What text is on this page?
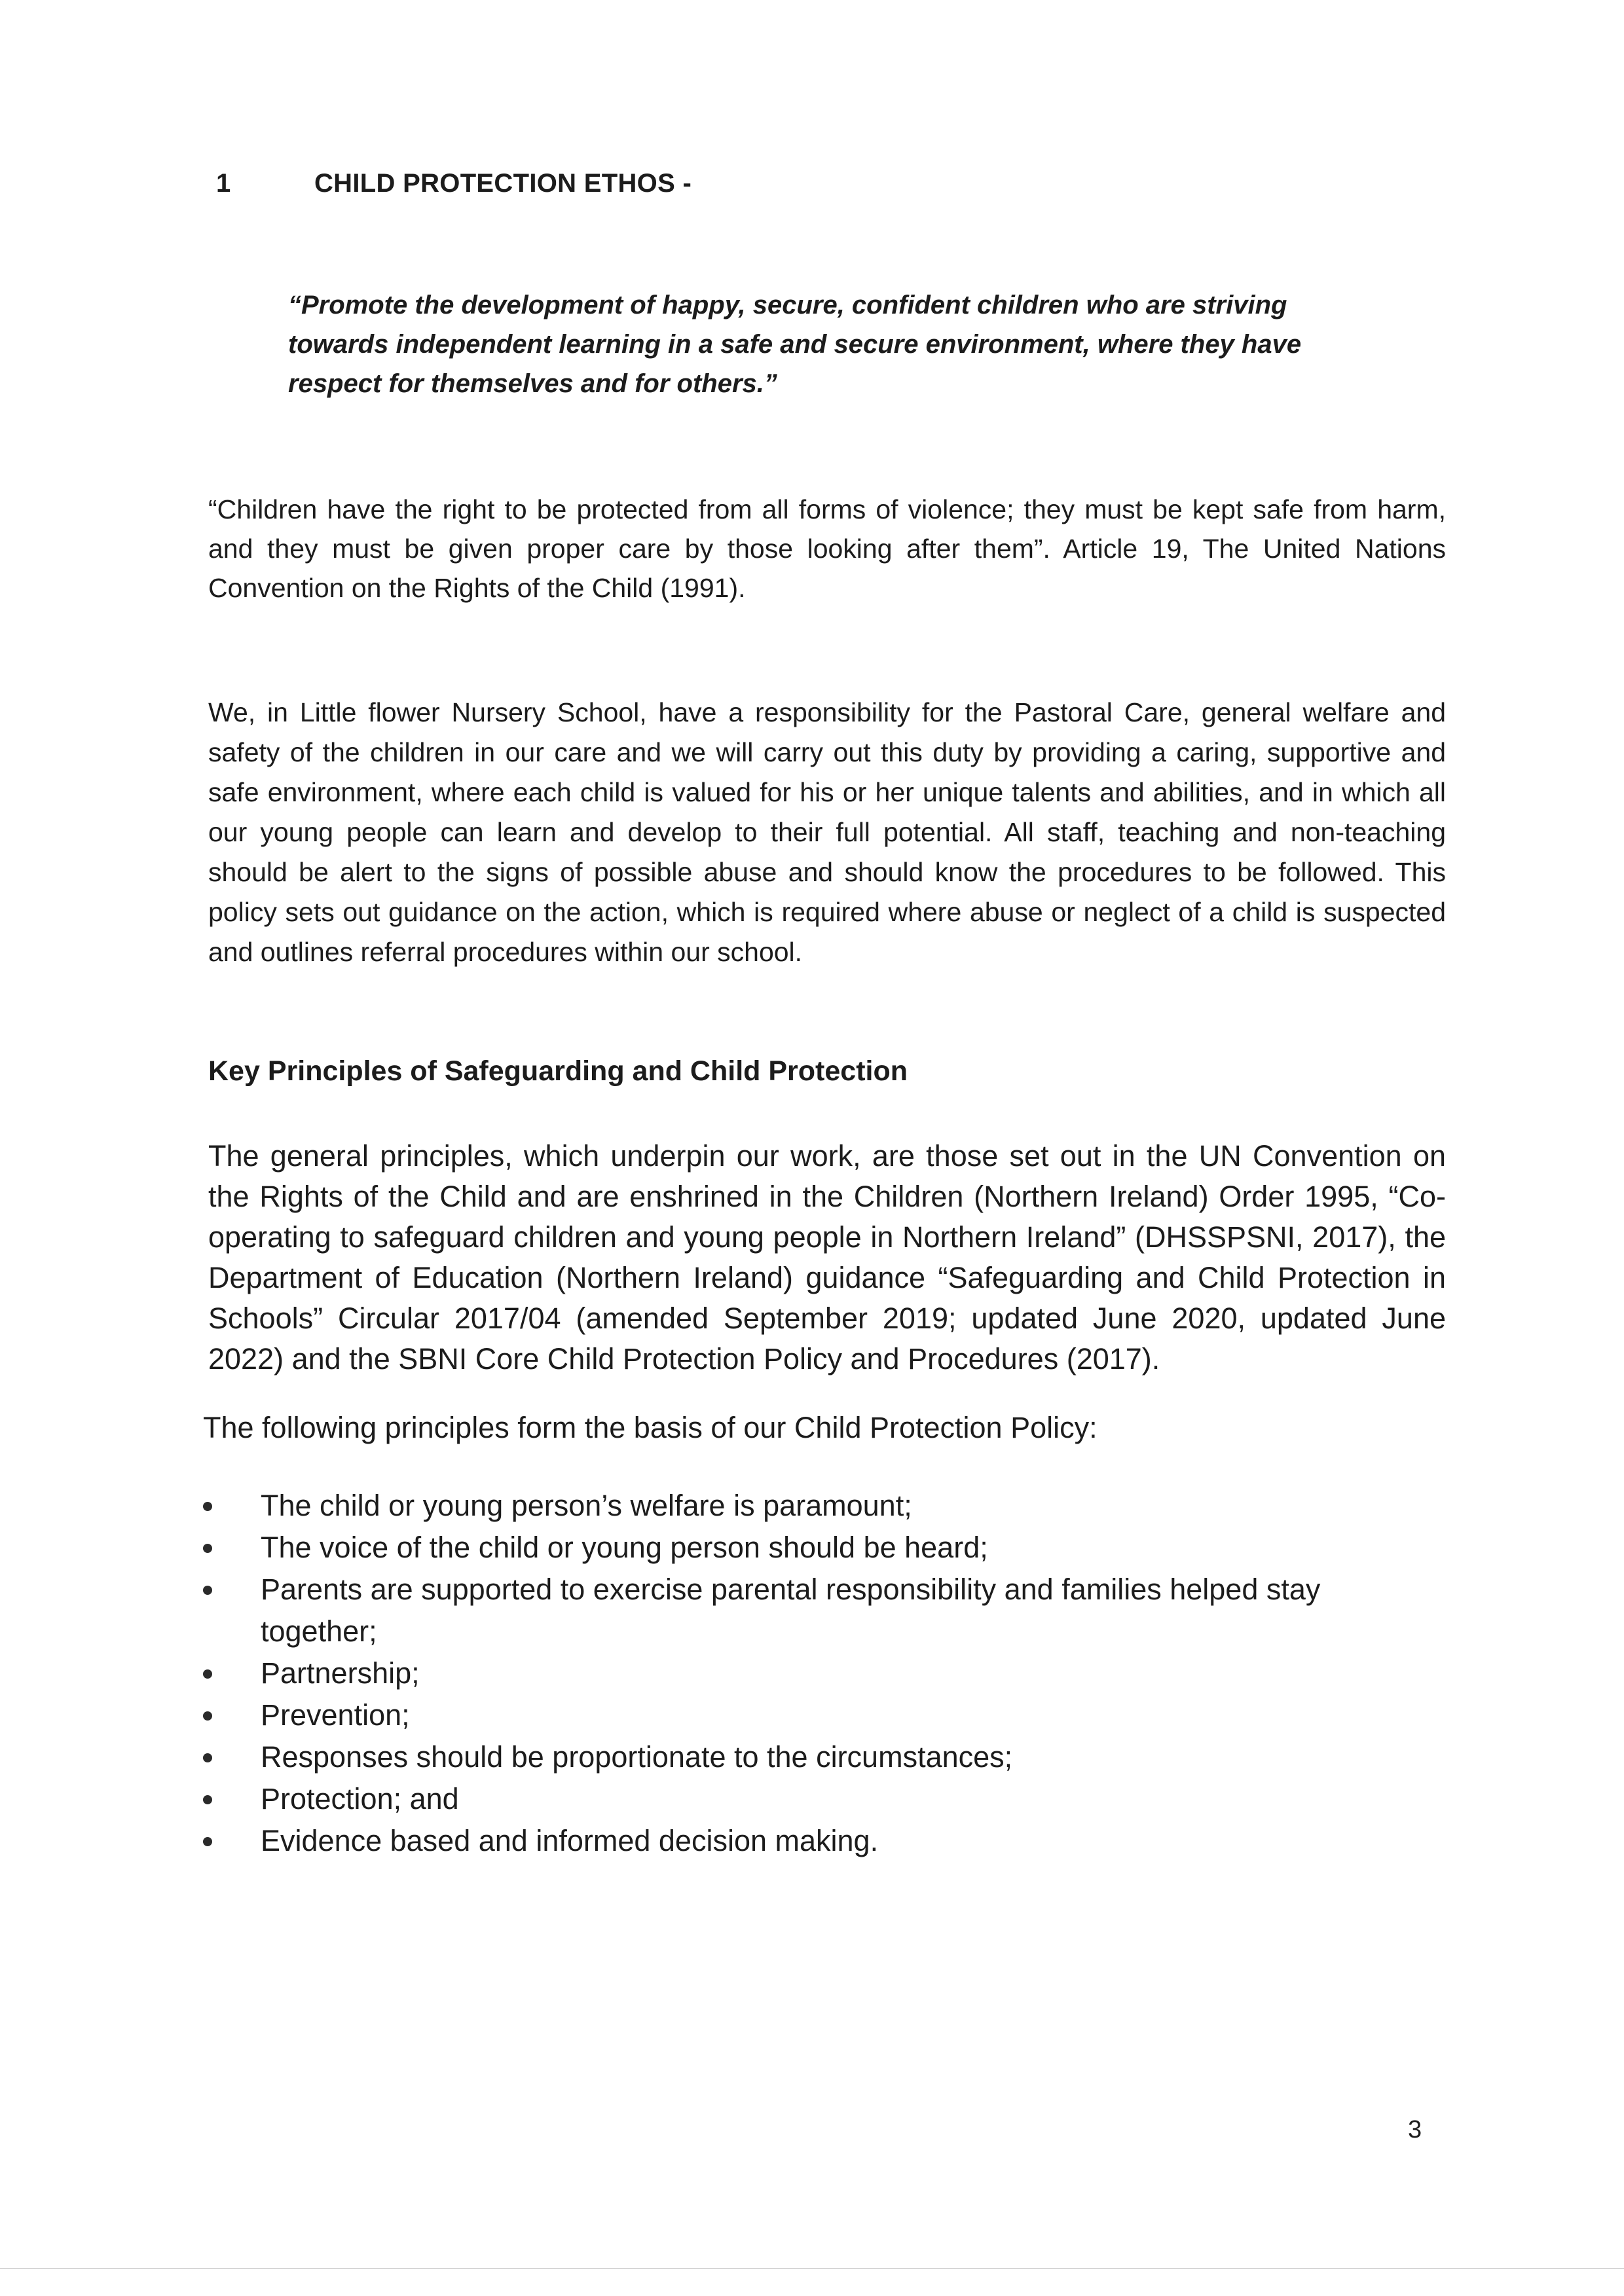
1	CHILD PROTECTION ETHOS -

“Promote the development of happy, secure, confident children who are striving towards independent learning in a safe and secure environment, where they have respect for themselves and for others.”

“Children have the right to be protected from all forms of violence; they must be kept safe from harm, and they must be given proper care by those looking after them”. Article 19, The United Nations Convention on the Rights of the Child (1991).

We, in Little flower Nursery School, have a responsibility for the Pastoral Care, general welfare and safety of the children in our care and we will carry out this duty by providing a caring, supportive and safe environment, where each child is valued for his or her unique talents and abilities, and in which all our young people can learn and develop to their full potential. All staff, teaching and non-teaching should be alert to the signs of possible abuse and should know the procedures to be followed. This policy sets out guidance on the action, which is required where abuse or neglect of a child is suspected and outlines referral procedures within our school.

Key Principles of Safeguarding and Child Protection

The general principles, which underpin our work, are those set out in the UN Convention on the Rights of the Child and are enshrined in the Children (Northern Ireland) Order 1995, “Co-operating to safeguard children and young people in Northern Ireland” (DHSSPSNI, 2017), the Department of Education (Northern Ireland) guidance “Safeguarding and Child Protection in Schools” Circular 2017/04 (amended September 2019; updated June 2020, updated June 2022) and the SBNI Core Child Protection Policy and Procedures (2017).

The following principles form the basis of our Child Protection Policy:
The child or young person’s welfare is paramount;
The voice of the child or young person should be heard;
Parents are supported to exercise parental responsibility and families helped stay together;
Partnership;
Prevention;
Responses should be proportionate to the circumstances;
Protection; and
Evidence based and informed decision making.
3
